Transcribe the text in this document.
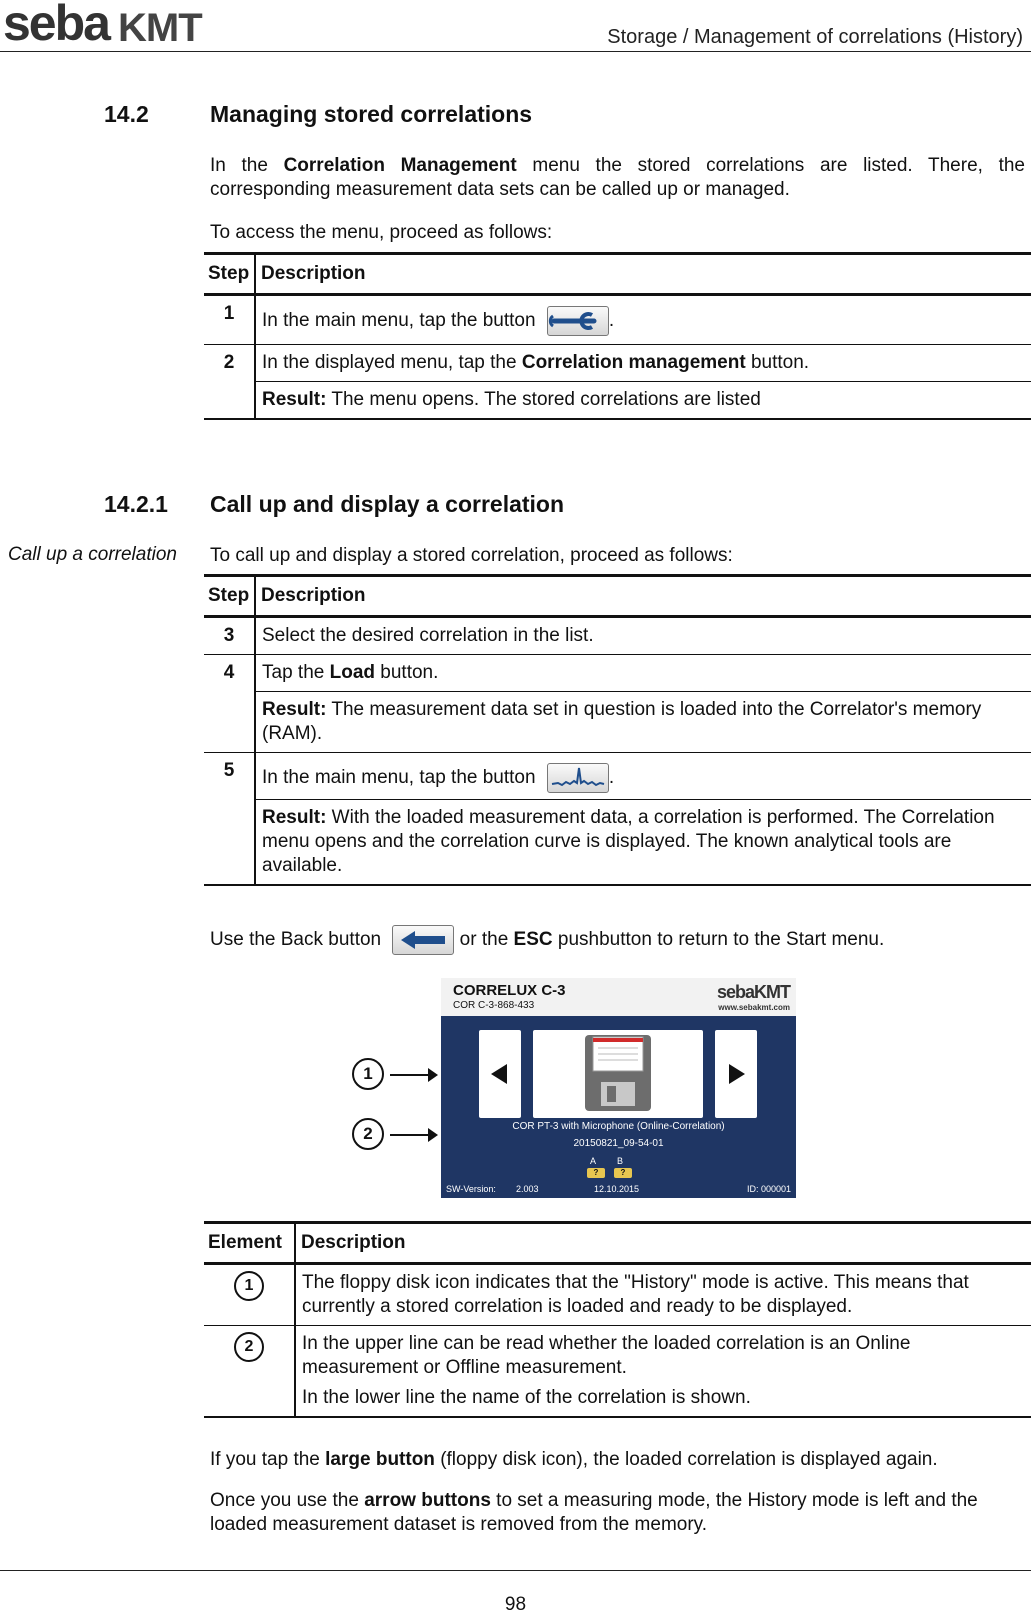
seba KMT	Storage / Management of correlations (History)
14.2	Managing stored correlations
In the Correlation Management menu the stored correlations are listed. There, the corresponding measurement data sets can be called up or managed.
To access the menu, proceed as follows:
Step	Description
1	In the main menu, tap the button .

2	In the displayed menu, tap the Correlation management button.
	Result: The menu opens. The stored correlations are listed
14.2.1 Call up and display a correlation
Call up a correlation To call up and display a stored correlation, proceed as follows:
Step	Description
3	Select the desired correlation in the list.
4	Tap the Load button.
	Result: The measurement data set in question is loaded into the Correlator's memory (RAM).
5	In the main menu, tap the button .

	Result: With the loaded measurement data, a correlation is performed. The Correlation menu opens and the correlation curve is displayed. The known analytical tools are available.
Use the Back button	or the ESC pushbutton to return to the Start menu.
1
2
CORRELUX C-3
COR C-3-868-433
sebaKMT
www.sebakmt.com
COR PT-3 with Microphone (Online-Correlation)
20150821_09-54-01
A B
?	?
SW-Version: 2.003	12.10.2015	ID: 000001
Element	Description
1	The floppy disk icon indicates that the "History" mode is active. This means that currently a stored correlation is loaded and ready to be displayed.
2	In the upper line can be read whether the loaded correlation is an Online measurement or Offline measurement.
In the lower line the name of the correlation is shown.
If you tap the large button (floppy disk icon), the loaded correlation is displayed again.
Once you use the arrow buttons to set a measuring mode, the History mode is left and the loaded measurement dataset is removed from the memory.
98
